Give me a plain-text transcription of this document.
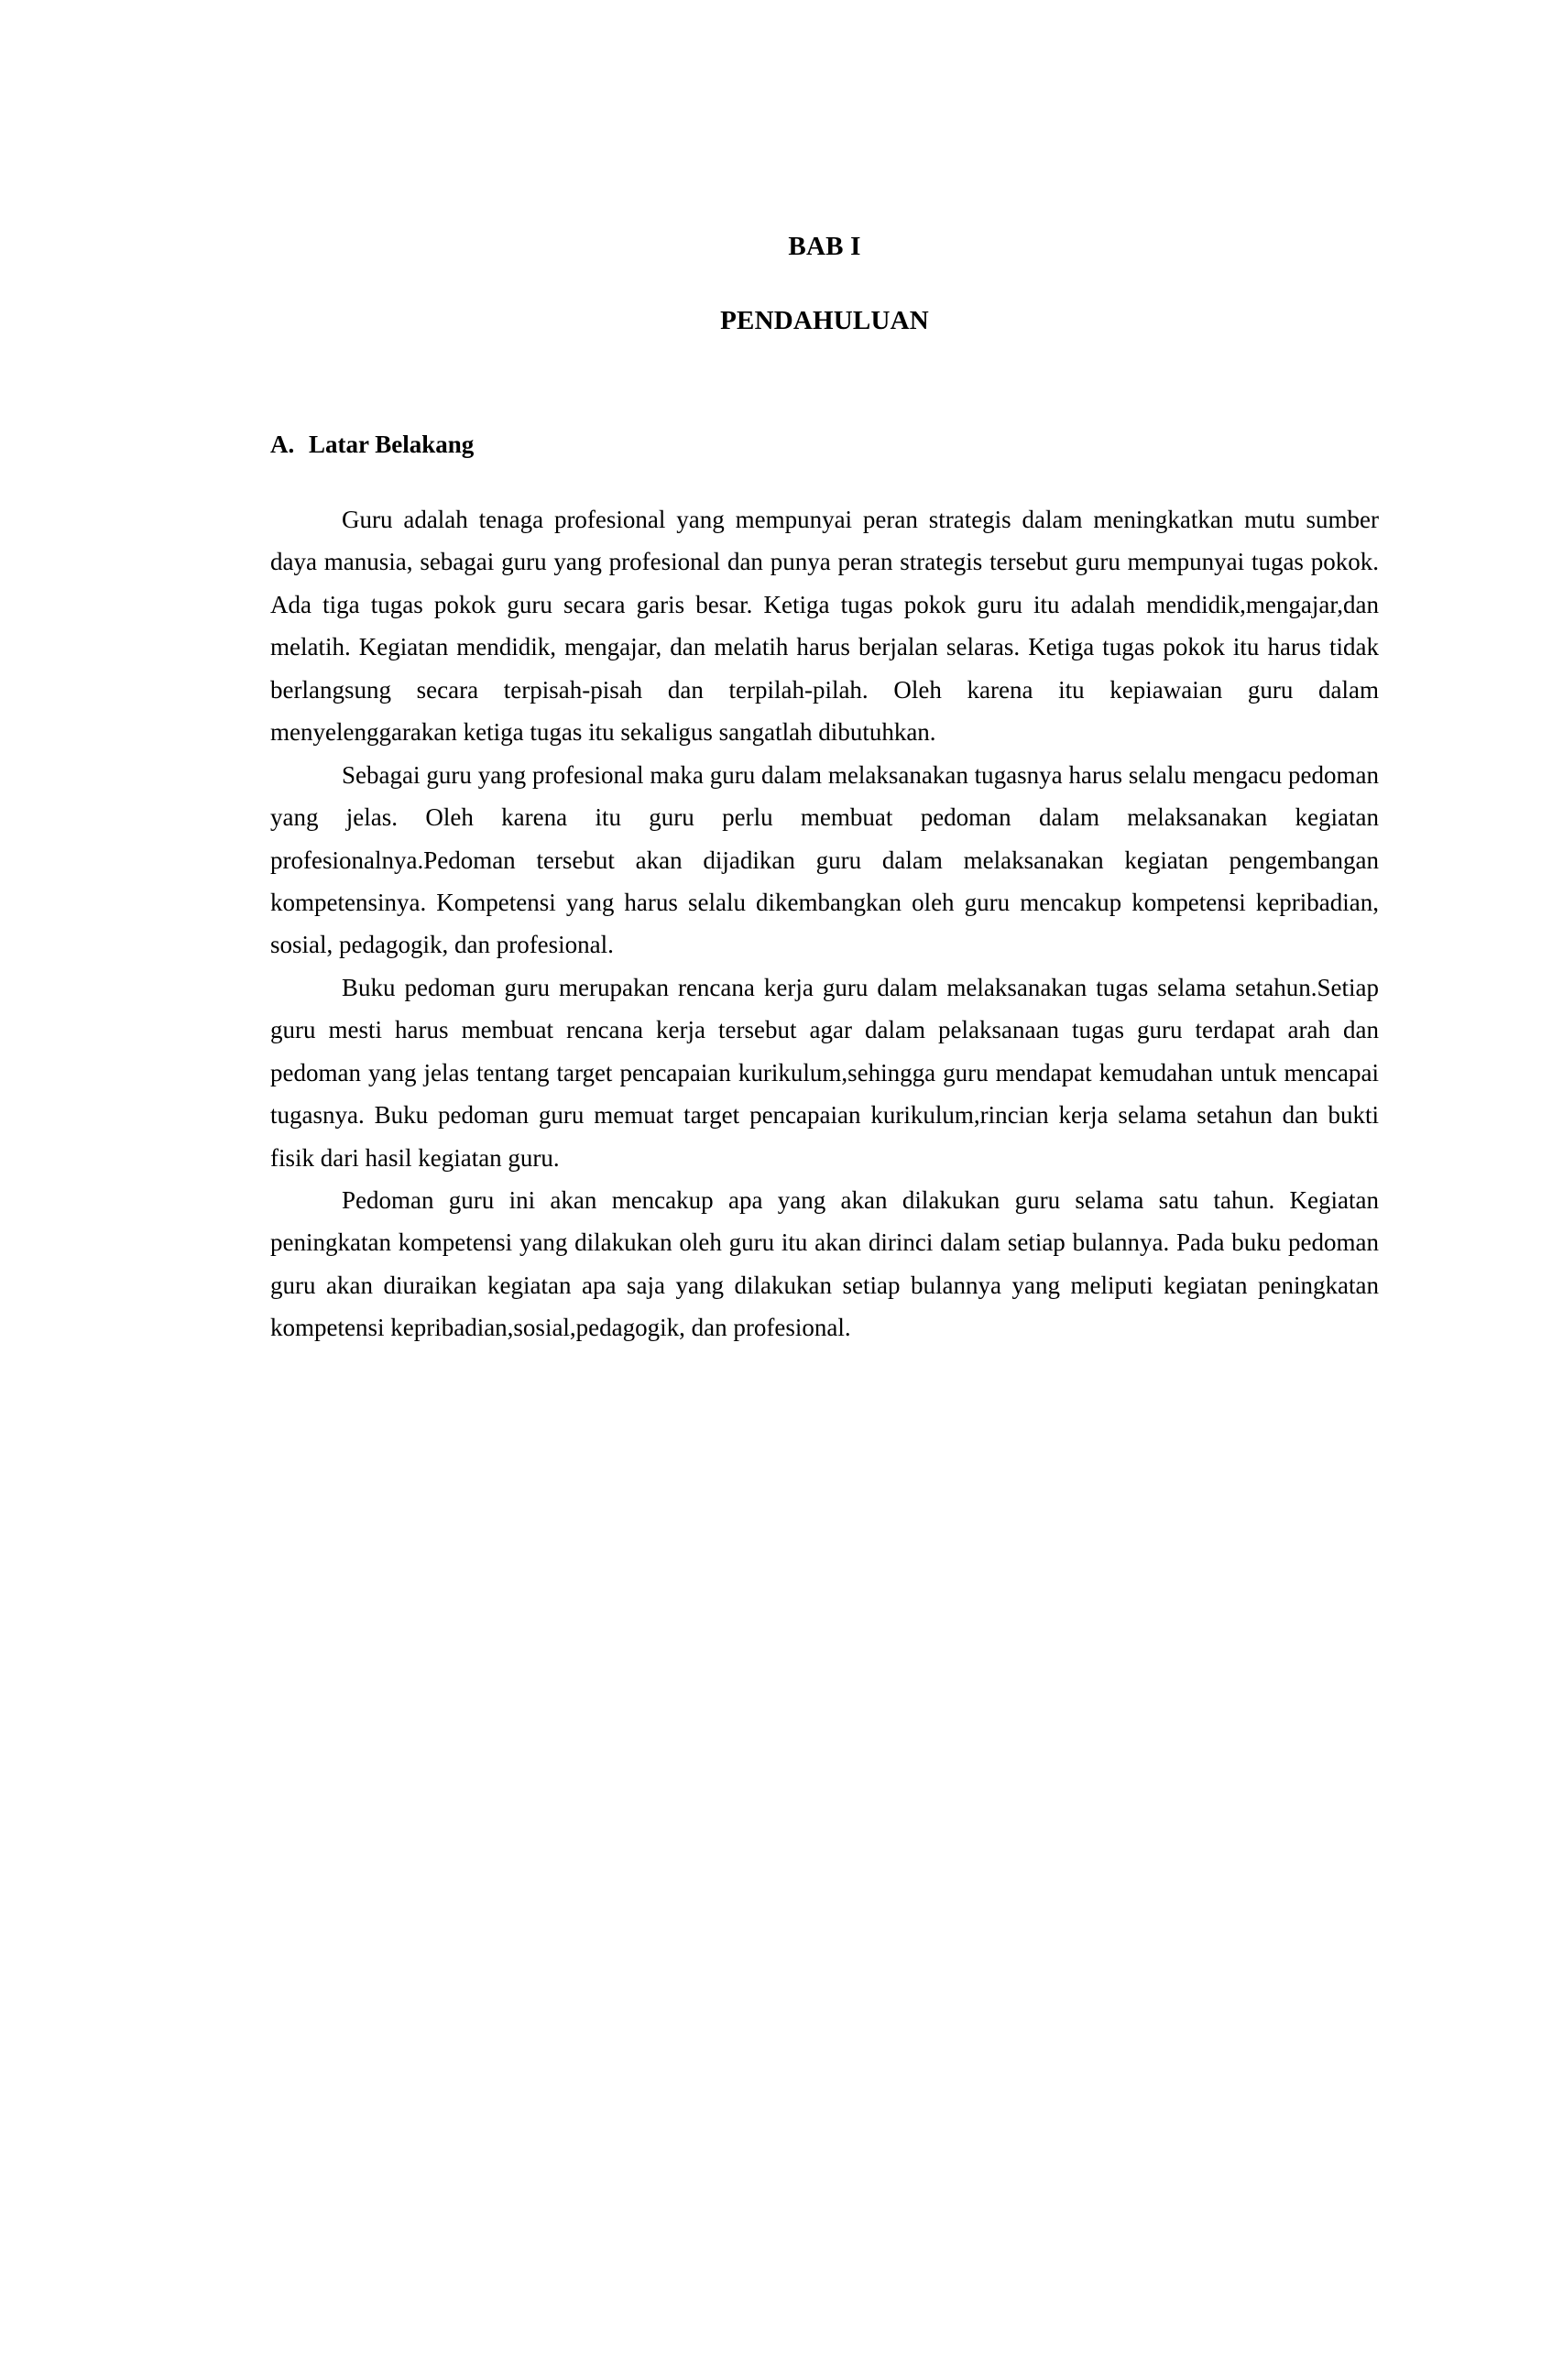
BAB I
PENDAHULUAN
A. Latar Belakang

Guru adalah tenaga profesional yang mempunyai peran strategis dalam meningkatkan mutu sumber daya manusia, sebagai guru yang profesional dan punya peran strategis tersebut guru mempunyai tugas pokok. Ada tiga tugas pokok guru secara garis besar. Ketiga tugas pokok guru itu adalah mendidik,mengajar,dan melatih. Kegiatan mendidik, mengajar, dan melatih harus berjalan selaras. Ketiga tugas pokok itu harus tidak berlangsung secara terpisah-pisah dan terpilah-pilah. Oleh karena itu kepiawaian guru dalam menyelenggarakan ketiga tugas itu sekaligus sangatlah dibutuhkan.

Sebagai guru yang profesional maka guru dalam melaksanakan tugasnya harus selalu mengacu pedoman yang jelas. Oleh karena itu guru perlu membuat pedoman dalam melaksanakan kegiatan profesionalnya.Pedoman tersebut akan dijadikan guru dalam melaksanakan kegiatan pengembangan kompetensinya. Kompetensi yang harus selalu dikembangkan oleh guru mencakup kompetensi kepribadian, sosial, pedagogik, dan profesional.

Buku pedoman guru merupakan rencana kerja guru dalam melaksanakan tugas selama setahun.Setiap guru mesti harus membuat rencana kerja tersebut agar dalam pelaksanaan tugas guru terdapat arah dan pedoman yang jelas tentang target pencapaian kurikulum,sehingga guru mendapat kemudahan untuk mencapai tugasnya. Buku pedoman guru memuat target pencapaian kurikulum,rincian kerja selama setahun dan bukti fisik dari hasil kegiatan guru.

Pedoman guru ini akan mencakup apa yang akan dilakukan guru selama satu tahun. Kegiatan peningkatan kompetensi yang dilakukan oleh guru itu akan dirinci dalam setiap bulannya. Pada buku pedoman guru akan diuraikan kegiatan apa saja yang dilakukan setiap bulannya yang meliputi kegiatan peningkatan kompetensi kepribadian,sosial,pedagogik, dan profesional.
